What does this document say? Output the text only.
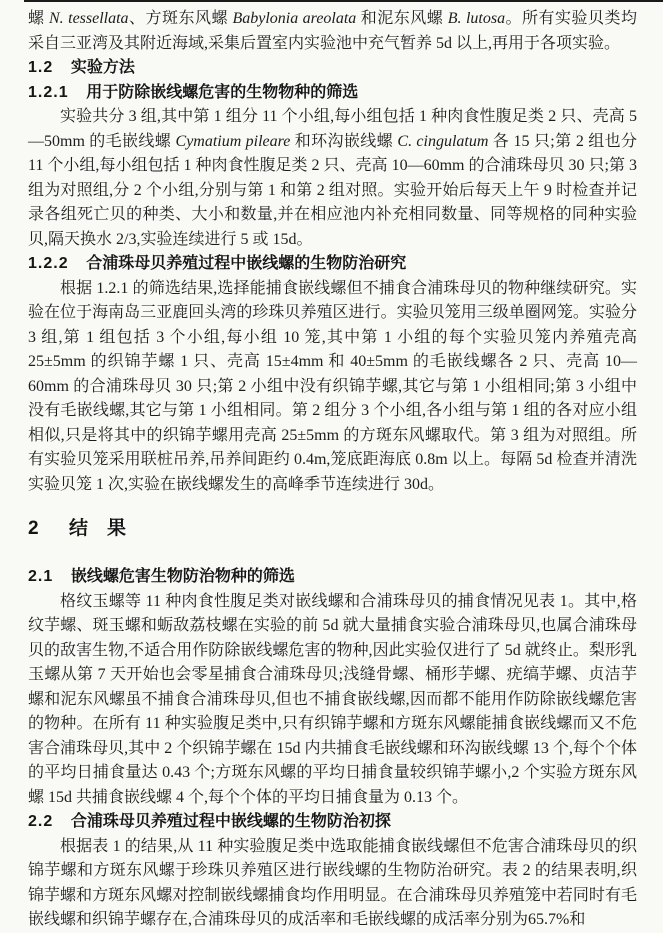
螺 N. tessellata、方斑东风螺 Babylonia areolata 和泥东风螺 B. lutosa。所有实验贝类均采自三亚湾及其附近海域,采集后置室内实验池中充气暂养 5d 以上,再用于各项实验。

1.2 实验方法
1.2.1 用于防除嵌线螺危害的生物物种的筛选

实验共分 3 组,其中第 1 组分 11 个小组,每小组包括 1 种肉食性腹足类 2 只、壳高 5—50mm 的毛嵌线螺 Cymatium pileare 和环沟嵌线螺 C. cingulatum 各 15 只;第 2 组也分 11 个小组,每小组包括 1 种肉食性腹足类 2 只、壳高 10—60mm 的合浦珠母贝 30 只;第 3 组为对照组,分 2 个小组,分别与第 1 和第 2 组对照。实验开始后每天上午 9 时检查并记录各组死亡贝的种类、大小和数量,并在相应池内补充相同数量、同等规格的同种实验贝,隔天换水 2/3,实验连续进行 5 或 15d。

1.2.2 合浦珠母贝养殖过程中嵌线螺的生物防治研究

根据 1.2.1 的筛选结果,选择能捕食嵌线螺但不捕食合浦珠母贝的物种继续研究。实验在位于海南岛三亚鹿回头湾的珍珠贝养殖区进行。实验贝笼用三级单圈网笼。实验分 3 组,第 1 组包括 3 个小组,每小组 10 笼,其中第 1 小组的每个实验贝笼内养殖壳高 25±5mm 的织锦芋螺 1 只、壳高 15±4mm 和 40±5mm 的毛嵌线螺各 2 只、壳高 10—60mm 的合浦珠母贝 30 只;第 2 小组中没有织锦芋螺,其它与第 1 小组相同;第 3 小组中没有毛嵌线螺,其它与第 1 小组相同。第 2 组分 3 个小组,各小组与第 1 组的各对应小组相似,只是将其中的织锦芋螺用壳高 25±5mm 的方斑东风螺取代。第 3 组为对照组。所有实验贝笼采用联桩吊养,吊养间距约 0.4m,笼底距海底 0.8m 以上。每隔 5d 检查并清洗实验贝笼 1 次,实验在嵌线螺发生的高峰季节连续进行 30d。

2 结　果
2.1 嵌线螺危害生物防治物种的筛选

格纹玉螺等 11 种肉食性腹足类对嵌线螺和合浦珠母贝的捕食情况见表 1。其中,格纹芋螺、斑玉螺和蛎敌荔枝螺在实验的前 5d 就大量捕食实验合浦珠母贝,也属合浦珠母贝的敌害生物,不适合用作防除嵌线螺危害的物种,因此实验仅进行了 5d 就终止。梨形乳玉螺从第 7 天开始也会零星捕食合浦珠母贝;浅缝骨螺、桶形芋螺、疣缟芋螺、贞洁芋螺和泥东风螺虽不捕食合浦珠母贝,但也不捕食嵌线螺,因而都不能用作防除嵌线螺危害的物种。在所有 11 种实验腹足类中,只有织锦芋螺和方斑东风螺能捕食嵌线螺而又不危害合浦珠母贝,其中 2 个织锦芋螺在 15d 内共捕食毛嵌线螺和环沟嵌线螺 13 个,每个个体的平均日捕食量达 0.43 个;方斑东风螺的平均日捕食量较织锦芋螺小,2 个实验方斑东风螺 15d 共捕食嵌线螺 4 个,每个个体的平均日捕食量为 0.13 个。

2.2 合浦珠母贝养殖过程中嵌线螺的生物防治初探

根据表 1 的结果,从 11 种实验腹足类中选取能捕食嵌线螺但不危害合浦珠母贝的织锦芋螺和方斑东风螺于珍珠贝养殖区进行嵌线螺的生物防治研究。表 2 的结果表明,织锦芋螺和方斑东风螺对控制嵌线螺捕食均作用明显。在合浦珠母贝养殖笼中若同时有毛嵌线螺和织锦芋螺存在,合浦珠母贝的成活率和毛嵌线螺的成活率分别为65.7%和
